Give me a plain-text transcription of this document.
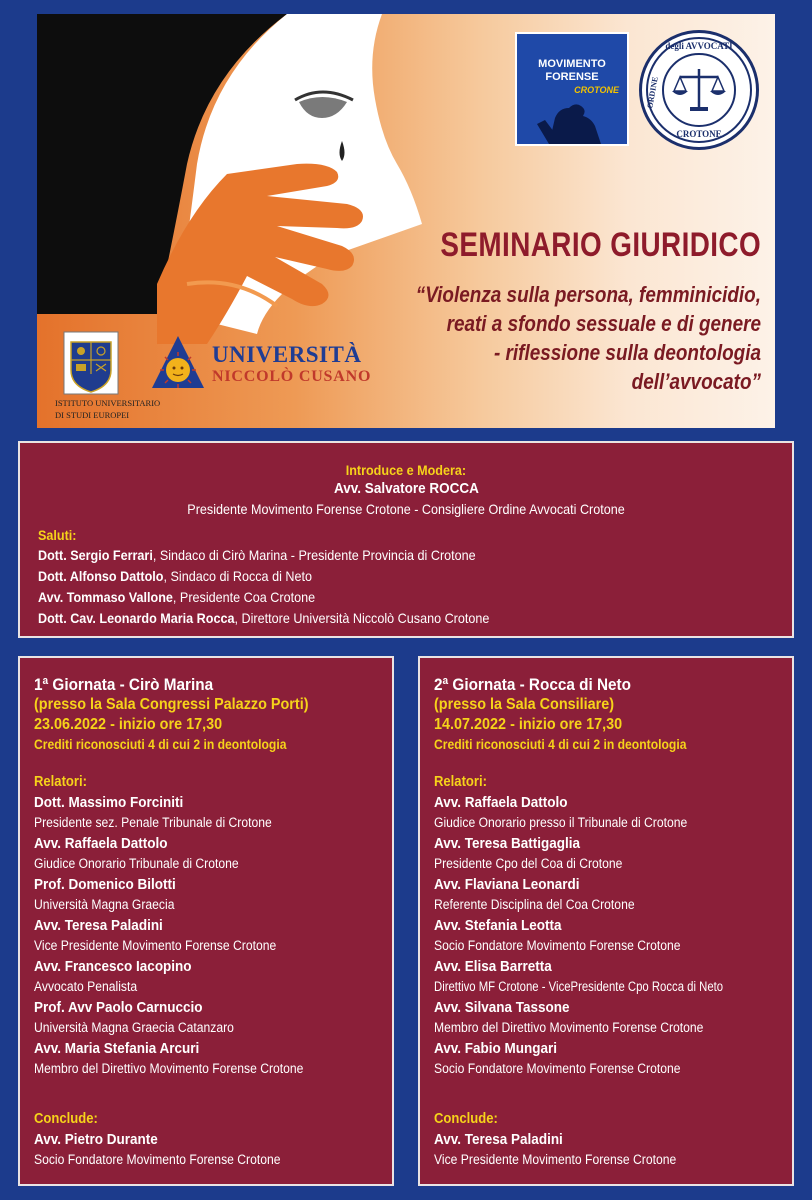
MOVIMENTO
FORENSE
CROTONE
degli AVVOCATI
ORDINE
CROTONE
SEMINARIO GIURIDICO
“Violenza sulla persona, femminicidio,
reati a sfondo sessuale e di genere
- riflessione sulla deontologia
dell’avvocato”
ISTITUTO UNIVERSITARIO
DI STUDI EUROPEI
UNIVERSITÀ
NICCOLÒ CUSANO
Introduce e Modera:
Avv. Salvatore ROCCA
Presidente Movimento Forense Crotone - Consigliere Ordine Avvocati Crotone
Saluti:
Dott. Sergio Ferrari, Sindaco di Cirò Marina - Presidente Provincia di Crotone
Dott. Alfonso Dattolo, Sindaco di Rocca di Neto
Avv. Tommaso Vallone, Presidente Coa Crotone
Dott. Cav. Leonardo Maria Rocca, Direttore Università Niccolò Cusano Crotone
1ª Giornata - Cirò Marina
(presso la Sala Congressi Palazzo Porti)
23.06.2022 - inizio ore 17,30
Crediti riconosciuti 4 di cui 2 in deontologia
Relatori:
Dott. Massimo Forciniti
Presidente sez. Penale Tribunale di Crotone
Avv. Raffaela Dattolo
Giudice Onorario Tribunale di Crotone
Prof. Domenico Bilotti
Università Magna Graecia
Avv. Teresa Paladini
Vice Presidente Movimento Forense Crotone
Avv. Francesco Iacopino
Avvocato Penalista
Prof. Avv Paolo Carnuccio
Università Magna Graecia Catanzaro
Avv. Maria Stefania Arcuri
Membro del Direttivo Movimento Forense Crotone
Conclude:
Avv. Pietro Durante
Socio Fondatore Movimento Forense Crotone
2ª Giornata - Rocca di Neto
(presso la Sala Consiliare)
14.07.2022 - inizio ore 17,30
Crediti riconosciuti 4 di cui 2 in deontologia
Relatori:
Avv. Raffaela Dattolo
Giudice Onorario presso il Tribunale di Crotone
Avv. Teresa Battigaglia
Presidente Cpo del Coa di Crotone
Avv. Flaviana Leonardi
Referente Disciplina del Coa Crotone
Avv. Stefania Leotta
Socio Fondatore Movimento Forense Crotone
Avv. Elisa Barretta
Direttivo MF Crotone - VicePresidente Cpo Rocca di Neto
Avv. Silvana Tassone
Membro del Direttivo Movimento Forense Crotone
Avv. Fabio Mungari
Socio Fondatore Movimento Forense Crotone
Conclude:
Avv. Teresa Paladini
Vice Presidente Movimento Forense Crotone
